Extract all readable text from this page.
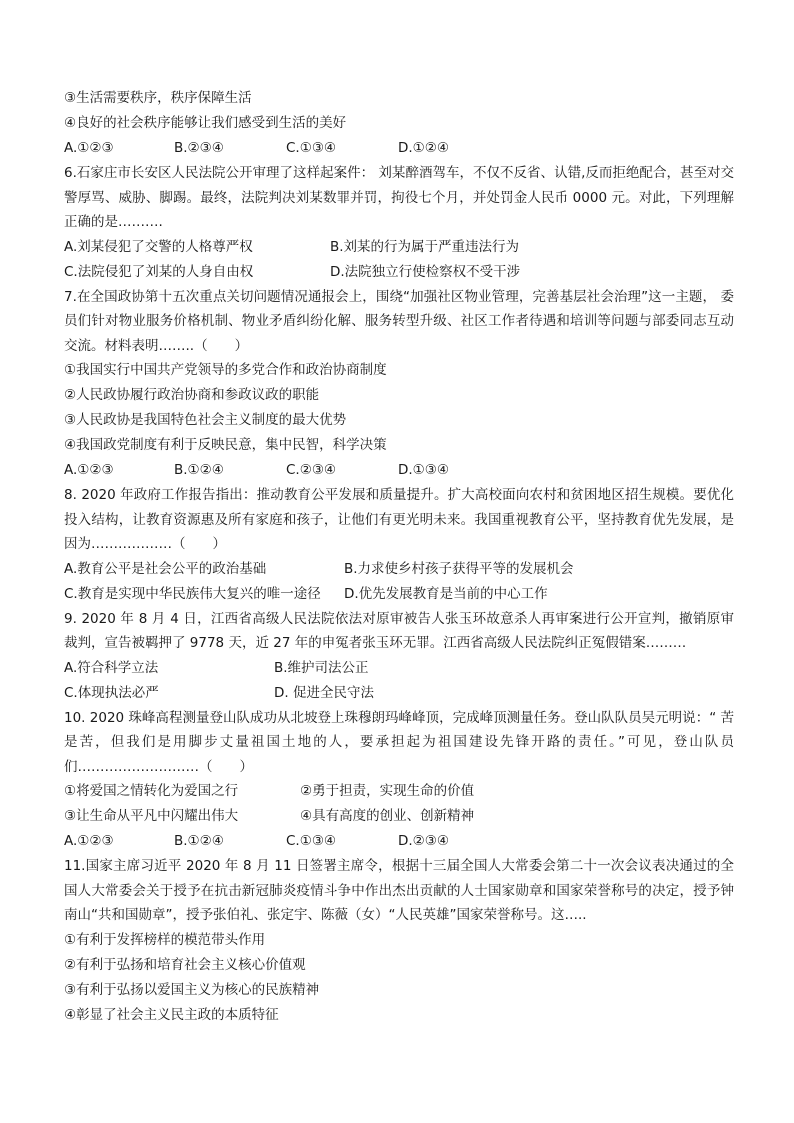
③生活需要秩序，秩序保障生活
④良好的社会秩序能够让我们感受到生活的美好
A.①②③	B.②③④	C.①③④	D.①②④
6.石家庄市长安区人民法院公开审理了这样起案件： 刘某醉酒驾车，不仅不反省、认错,反而拒绝配合，甚至对交警厚骂、威胁、脚踢。最终，法院判决刘某数罪并罚，拘役七个月，并处罚金人民币 0000 元。对此，下列理解正确的是……….
A.刘某侵犯了交警的人格尊严权	B.刘某的行为属于严重违法行为
C.法院侵犯了刘某的人身自由权	D.法院独立行使检察权不受干涉
7.在全国政协第十五次重点关切问题情况通报会上，围绕“加强社区物业管理，完善基层社会治理”这一主题， 委员们针对物业服务价格机制、物业矛盾纠纷化解、服务转型升级、社区工作者待遇和培训等问题与部委同志互动交流。材料表明……..（　　）
①我国实行中国共产党领导的多党合作和政治协商制度
②人民政协履行政治协商和参政议政的职能
③人民政协是我国特色社会主义制度的最大优势
④我国政党制度有利于反映民意，集中民智，科学决策
A.①②③	B.①②④	C.②③④	D.①③④
8. 2020 年政府工作报告指出：推动教育公平发展和质量提升。扩大高校面向农村和贫困地区招生规模。要优化投入结构，让教育资源惠及所有家庭和孩子，让他们有更光明未来。我国重视教育公平，坚持教育优先发展，是因为………………（　　）
A.教育公平是社会公平的政治基础	B.力求使乡村孩子获得平等的发展机会
C.教育是实现中华民族伟大复兴的唯一途径	D.优先发展教育是当前的中心工作
9. 2020 年 8 月 4 日，江西省高级人民法院依法对原审被告人张玉环故意杀人再审案进行公开宣判，撤销原审裁判，宣告被羁押了 9778 天，近 27 年的申冤者张玉环无罪。江西省高级人民法院纠正冤假错案………
A.符合科学立法	B.维护司法公正
C.体现执法必严	D. 促进全民守法
10. 2020 珠峰高程测量登山队成功从北坡登上珠穆朗玛峰峰顶，完成峰顶测量任务。登山队队员吴元明说：“ 苦是苦，但我们是用脚步丈量祖国土地的人，要承担起为祖国建设先锋开路的责任。”可见，登山队员们………………………（　　）
①将爱国之情转化为爱国之行	②勇于担责，实现生命的价值
③让生命从平凡中闪耀出伟大	④具有高度的创业、创新精神
A.①②③	B.①②④	C.①③④	D.②③④
11.国家主席习近平 2020 年 8 月 11 日签署主席令，根据十三届全国人大常委会第二十一次会议表决通过的全国人大常委会关于授予在抗击新冠肺炎疫情斗争中作出杰出贡献的人士国家勋章和国家荣誉称号的决定，授予钟南山“共和国勋章”，授予张伯礼、张定宇、陈薇（女）“人民英雄”国家荣誉称号。这…..
①有利于发挥榜样的模范带头作用
②有利于弘扬和培育社会主义核心价值观
③有利于弘扬以爱国主义为核心的民族精神
④彰显了社会主义民主政的本质特征
